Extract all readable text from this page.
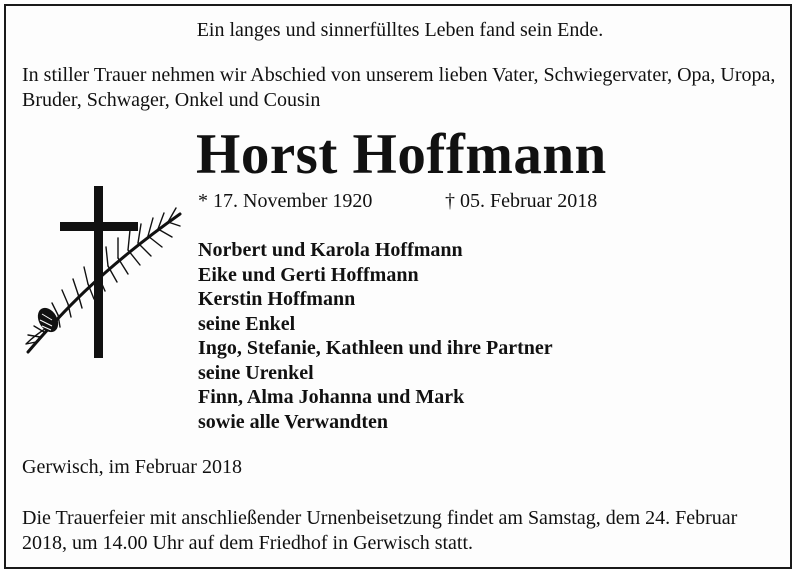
Ein langes und sinnerfülltes Leben fand sein Ende.
In stiller Trauer nehmen wir Abschied von unserem lieben Vater, Schwiegervater, Opa, Uropa, Bruder, Schwager, Onkel und Cousin
Horst Hoffmann
* 17. November 1920	† 05. Februar 2018
Norbert und Karola Hoffmann
Eike und Gerti Hoffmann
Kerstin Hoffmann
seine Enkel
Ingo, Stefanie, Kathleen und ihre Partner
seine Urenkel
Finn, Alma Johanna und Mark
sowie alle Verwandten
Gerwisch, im Februar 2018
Die Trauerfeier mit anschließender Urnenbeisetzung findet am Samstag, dem 24. Februar 2018, um 14.00 Uhr auf dem Friedhof in Gerwisch statt.
